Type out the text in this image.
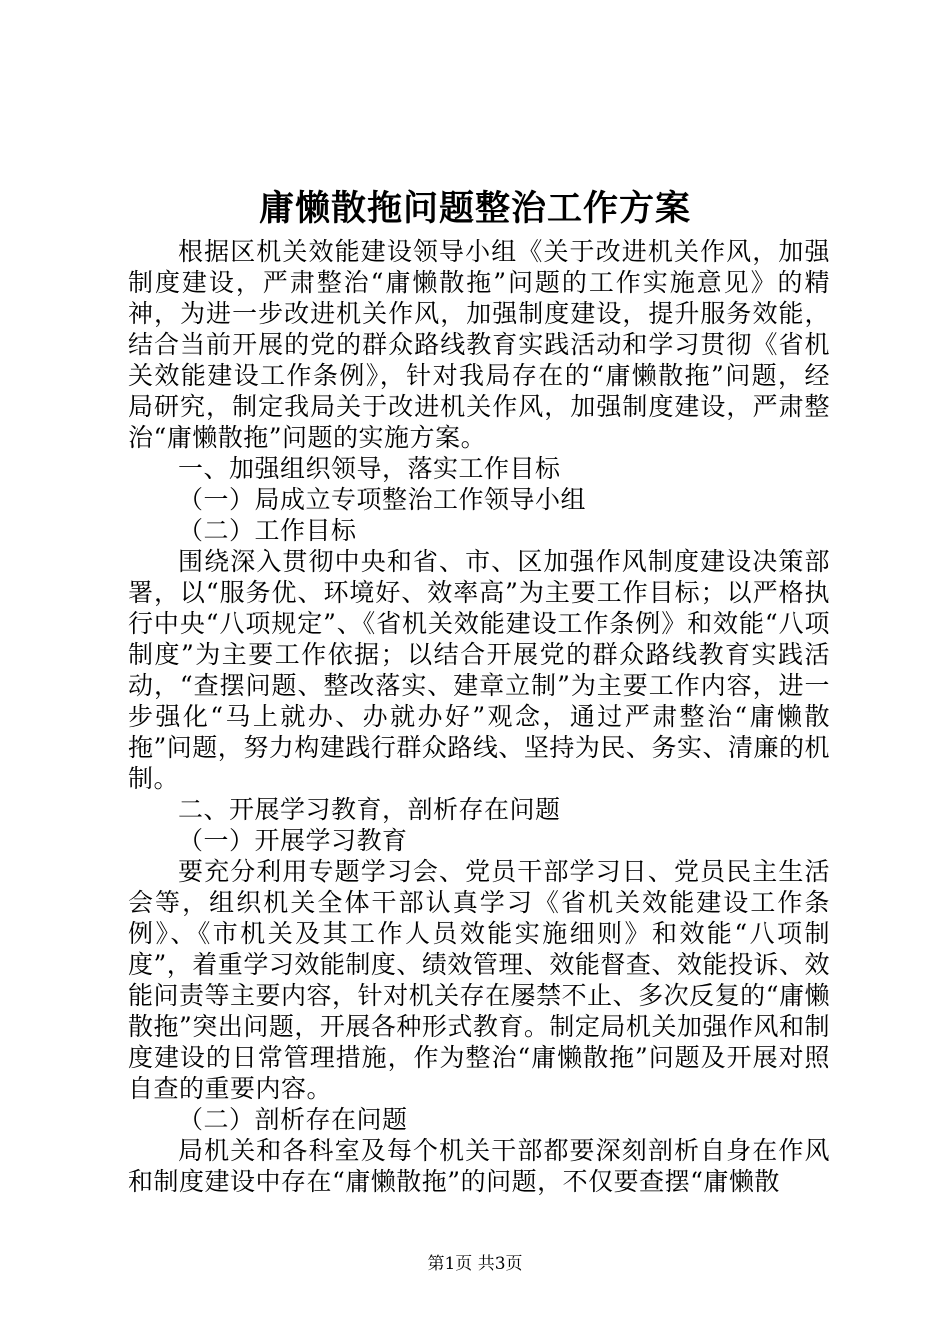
庸懒散拖问题整治工作方案

根据区机关效能建设领导小组《关于改进机关作风，加强制度建设，严肃整治“庸懒散拖”问题的工作实施意见》的精神，为进一步改进机关作风，加强制度建设，提升服务效能，结合当前开展的党的群众路线教育实践活动和学习贯彻《省机关效能建设工作条例》，针对我局存在的“庸懒散拖”问题，经局研究，制定我局关于改进机关作风，加强制度建设，严肃整治“庸懒散拖”问题的实施方案。

一、加强组织领导，落实工作目标

（一）局成立专项整治工作领导小组

（二）工作目标

围绕深入贯彻中央和省、市、区加强作风制度建设决策部署，以“服务优、环境好、效率高”为主要工作目标；以严格执行中央“八项规定”、《省机关效能建设工作条例》和效能“八项制度”为主要工作依据；以结合开展党的群众路线教育实践活动，“查摆问题、整改落实、建章立制”为主要工作内容，进一步强化“马上就办、办就办好”观念，通过严肃整治“庸懒散拖”问题，努力构建践行群众路线、坚持为民、务实、清廉的机制。

二、开展学习教育，剖析存在问题

（一）开展学习教育

要充分利用专题学习会、党员干部学习日、党员民主生活会等，组织机关全体干部认真学习《省机关效能建设工作条例》、《市机关及其工作人员效能实施细则》和效能“八项制度”，着重学习效能制度、绩效管理、效能督查、效能投诉、效能问责等主要内容，针对机关存在屡禁不止、多次反复的“庸懒散拖”突出问题，开展各种形式教育。制定局机关加强作风和制度建设的日常管理措施，作为整治“庸懒散拖”问题及开展对照自查的重要内容。

（二）剖析存在问题

局机关和各科室及每个机关干部都要深刻剖析自身在作风和制度建设中存在“庸懒散拖”的问题，不仅要查摆“庸懒散

第1页 共3页
